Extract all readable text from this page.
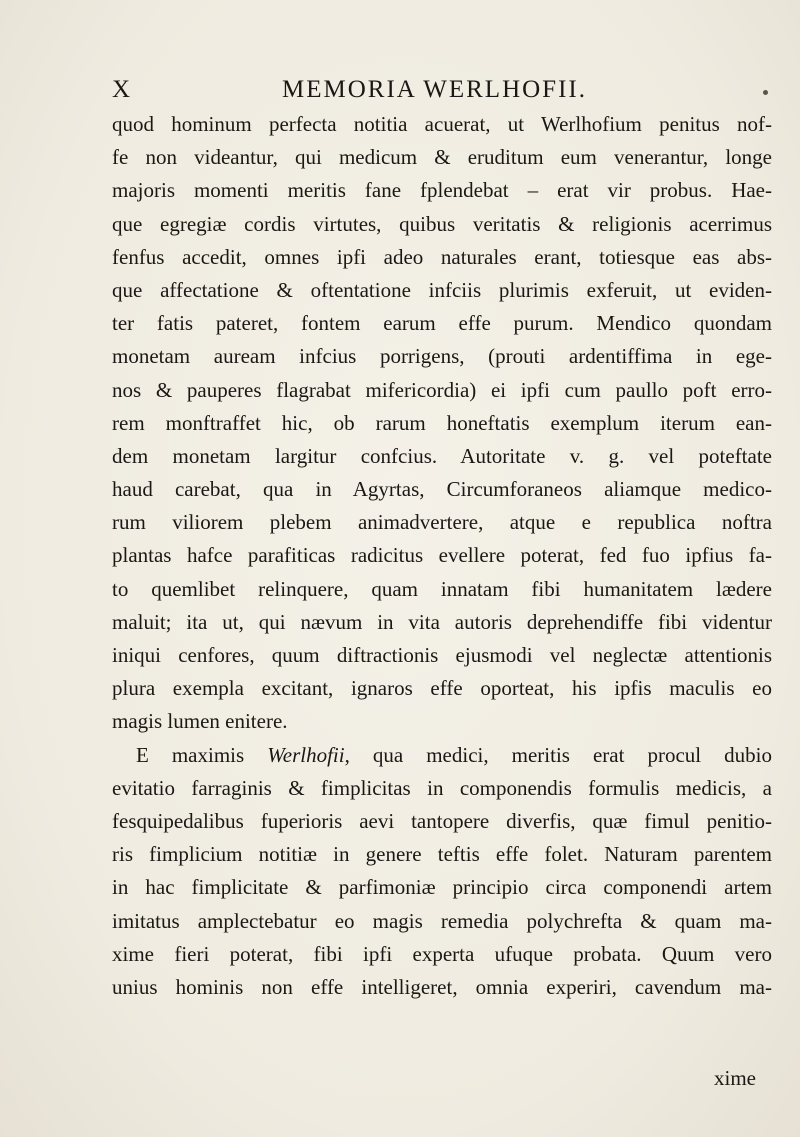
X	MEMORIA WERLHOFII.
quod hominum perfecta notitia acuerat, ut Werlhofium penitus nof-
fe non videantur, qui medicum & eruditum eum venerantur, longe
majoris momenti meritis fane fplendebat – erat vir probus. Hae-
que egregiæ cordis virtutes, quibus veritatis & religionis acerrimus
fenfus accedit, omnes ipfi adeo naturales erant, totiesque eas abs-
que affectatione & oftentatione infciis plurimis exferuit, ut eviden-
ter fatis pateret, fontem earum effe purum. Mendico quondam
monetam auream infcius porrigens, (prouti ardentiffima in ege-
nos & pauperes flagrabat mifericordia) ei ipfi cum paullo poft erro-
rem monftraffet hic, ob rarum honeftatis exemplum iterum ean-
dem monetam largitur confcius. Autoritate v. g. vel poteftate
haud carebat, qua in Agyrtas, Circumforaneos aliamque medico-
rum viliorem plebem animadvertere, atque e republica noftra
plantas hafce parafiticas radicitus evellere poterat, fed fuo ipfius fa-
to quemlibet relinquere, quam innatam fibi humanitatem lædere
maluit; ita ut, qui nævum in vita autoris deprehendiffe fibi videntur
iniqui cenfores, quum diftractionis ejusmodi vel neglectæ attentionis
plura exempla excitant, ignaros effe oporteat, his ipfis maculis eo
magis lumen enitere.
E maximis Werlhofii, qua medici, meritis erat procul dubio
evitatio farraginis & fimplicitas in componendis formulis medicis, a
fesquipedalibus fuperioris aevi tantopere diverfis, quæ fimul penitio-
ris fimplicium notitiæ in genere teftis effe folet. Naturam parentem
in hac fimplicitate & parfimoniæ principio circa componendi artem
imitatus amplectebatur eo magis remedia polychrefta & quam ma-
xime fieri poterat, fibi ipfi experta ufuque probata. Quum vero
unius hominis non effe intelligeret, omnia experiri, cavendum ma-
xime
